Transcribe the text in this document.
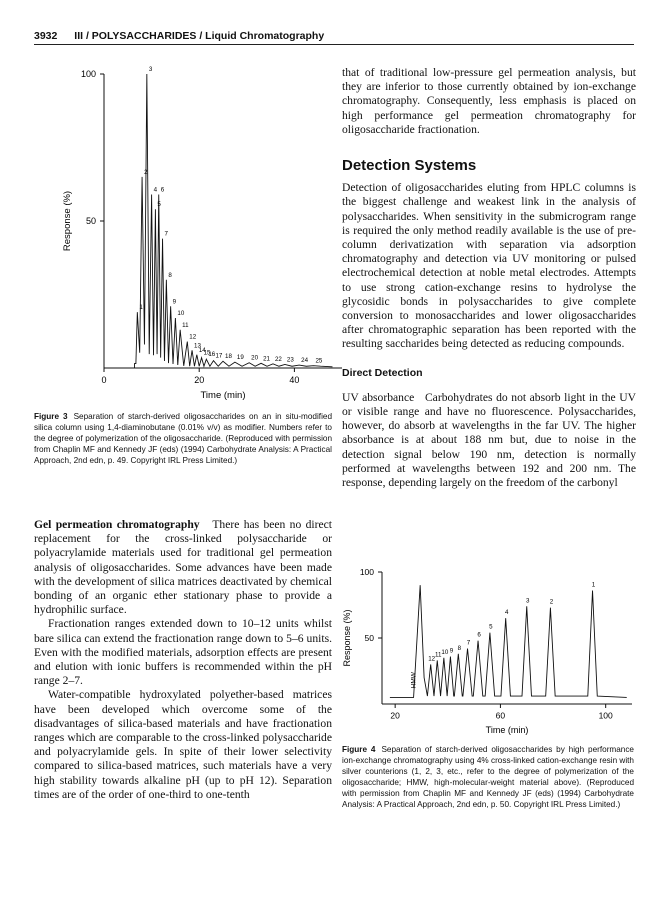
3932 III / POLYSACCHARIDES / Liquid Chromatography
50
100
0	20	40
Time (min)
Response (%)
2
3
4
5
6
7
8
1
9
10
11
12
13
14
15
16 17 18 19 20 21 22 23 24 25
Figure 3 Separation of starch-derived oligosaccharides on an in situ-modified silica column using 1,4-diaminobutane (0.01% v/v) as modifier. Numbers refer to the degree of polymerization of the oligosaccharide. (Reproduced with permission from Chaplin MF and Kennedy JF (eds) (1994) Carbohydrate Analysis: A Practical Approach, 2nd edn, p. 49. Copyright IRL Press Limited.)

Gel permeation chromatography There has been no direct replacement for the cross-linked polysaccharide or polyacrylamide materials used for traditional gel permeation analysis of oligosaccharides. Some advances have been made with the development of silica matrices deactivated by chemical bonding of an organic ether stationary phase to provide a hydrophilic surface.

Fractionation ranges extended down to 10–12 units whilst bare silica can extend the fractionation range down to 5–6 units. Even with the modified materials, adsorption effects are present and elution with ionic buffers is recommended within the pH range 2–7.

Water-compatible hydroxylated polyether-based matrices have been developed which overcome some of the disadvantages of silica-based materials and have fractionation ranges which are comparable to the cross-linked polysaccharide and polyacrylamide gels. In spite of their lower selectivity compared to silica-based matrices, such materials have a very high stability towards alkaline pH (up to pH 12). Separation times are of the order of one-third to one-tenth

that of traditional low-pressure gel permeation analysis, but they are inferior to those currently obtained by ion-exchange chromatography. Consequently, less emphasis is placed on high performance gel permeation chromatography for oligosaccharide fractionation.

Detection Systems

Detection of oligosaccharides eluting from HPLC columns is the biggest challenge and weakest link in the analysis of polysaccharides. When sensitivity in the submicrogram range is required the only method readily available is the use of pre-column derivatization with separation via adsorption chromatography and detection via UV monitoring or pulsed electrochemical detection at noble metal electrodes. Attempts to use strong cation-exchange resins to hydrolyse the glycosidic bonds in polysaccharides to give complete conversion to monosaccharides and lower oligosaccharides after chromatographic separation has been reported with the resulting saccharides being detected as reducing compounds.

Direct Detection

UV absorbance Carbohydrates do not absorb light in the UV or visible range and have no fluorescence. Polysaccharides, however, do absorb at wavelengths in the far UV. The higher absorbance is at about 188 nm but, due to noise in the detection signal below 190 nm, detection is normally performed at wavelengths between 192 and 200 nm. The response, depending largely on the freedom of the carbonyl

50
100
20	60	100
Time (min)
Response (%)
HMW
12
11 10 9 8
7
6
5
4
3	2
1
Figure 4 Separation of starch-derived oligosaccharides by high performance ion-exchange chromatography using 4% cross-linked cation-exchange resin with silver counterions (1, 2, 3, etc., refer to the degree of polymerization of the oligosaccharide; HMW, high-molecular-weight material above). (Reproduced with permission from Chaplin MF and Kennedy JF (eds) (1994) Carbohydrate Analysis: A Practical Approach, 2nd edn, p. 50. Copyright IRL Press Limited.)
